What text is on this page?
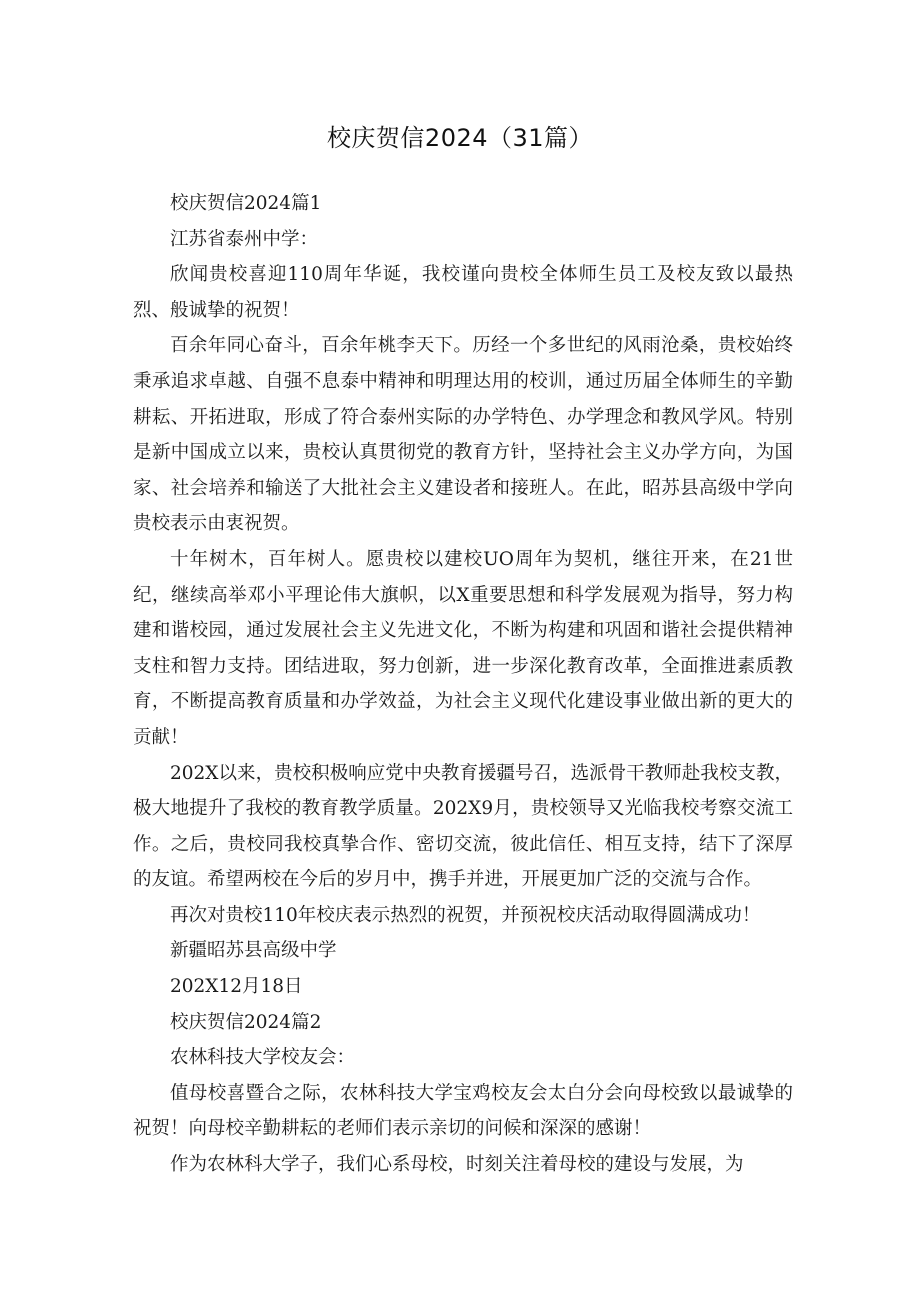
校庆贺信2024（31篇）

校庆贺信2024篇1

江苏省泰州中学：

欣闻贵校喜迎110周年华诞，我校谨向贵校全体师生员工及校友致以最热烈、般诚挚的祝贺！

百余年同心奋斗，百余年桃李天下。历经一个多世纪的风雨沧桑，贵校始终秉承追求卓越、自强不息泰中精神和明理达用的校训，通过历届全体师生的辛勤耕耘、开拓进取，形成了符合泰州实际的办学特色、办学理念和教风学风。特别是新中国成立以来，贵校认真贯彻党的教育方针，坚持社会主义办学方向，为国家、社会培养和输送了大批社会主义建设者和接班人。在此，昭苏县高级中学向贵校表示由衷祝贺。

十年树木，百年树人。愿贵校以建校UO周年为契机，继往开来，在21世纪，继续高举邓小平理论伟大旗帜，以X重要思想和科学发展观为指导，努力构建和谐校园，通过发展社会主义先进文化，不断为构建和巩固和谐社会提供精神支柱和智力支持。团结进取，努力创新，进一步深化教育改革，全面推进素质教育，不断提高教育质量和办学效益，为社会主义现代化建设事业做出新的更大的贡献！

202X以来，贵校积极响应党中央教育援疆号召，选派骨干教师赴我校支教，极大地提升了我校的教育教学质量。202X9月，贵校领导又光临我校考察交流工作。之后，贵校同我校真挚合作、密切交流，彼此信任、相互支持，结下了深厚的友谊。希望两校在今后的岁月中，携手并进，开展更加广泛的交流与合作。

再次对贵校110年校庆表示热烈的祝贺，并预祝校庆活动取得圆满成功！

新疆昭苏县高级中学

202X12月18日

校庆贺信2024篇2

农林科技大学校友会：

值母校喜暨合之际，农林科技大学宝鸡校友会太白分会向母校致以最诚挚的祝贺！向母校辛勤耕耘的老师们表示亲切的问候和深深的感谢！

作为农林科大学子，我们心系母校，时刻关注着母校的建设与发展，为
